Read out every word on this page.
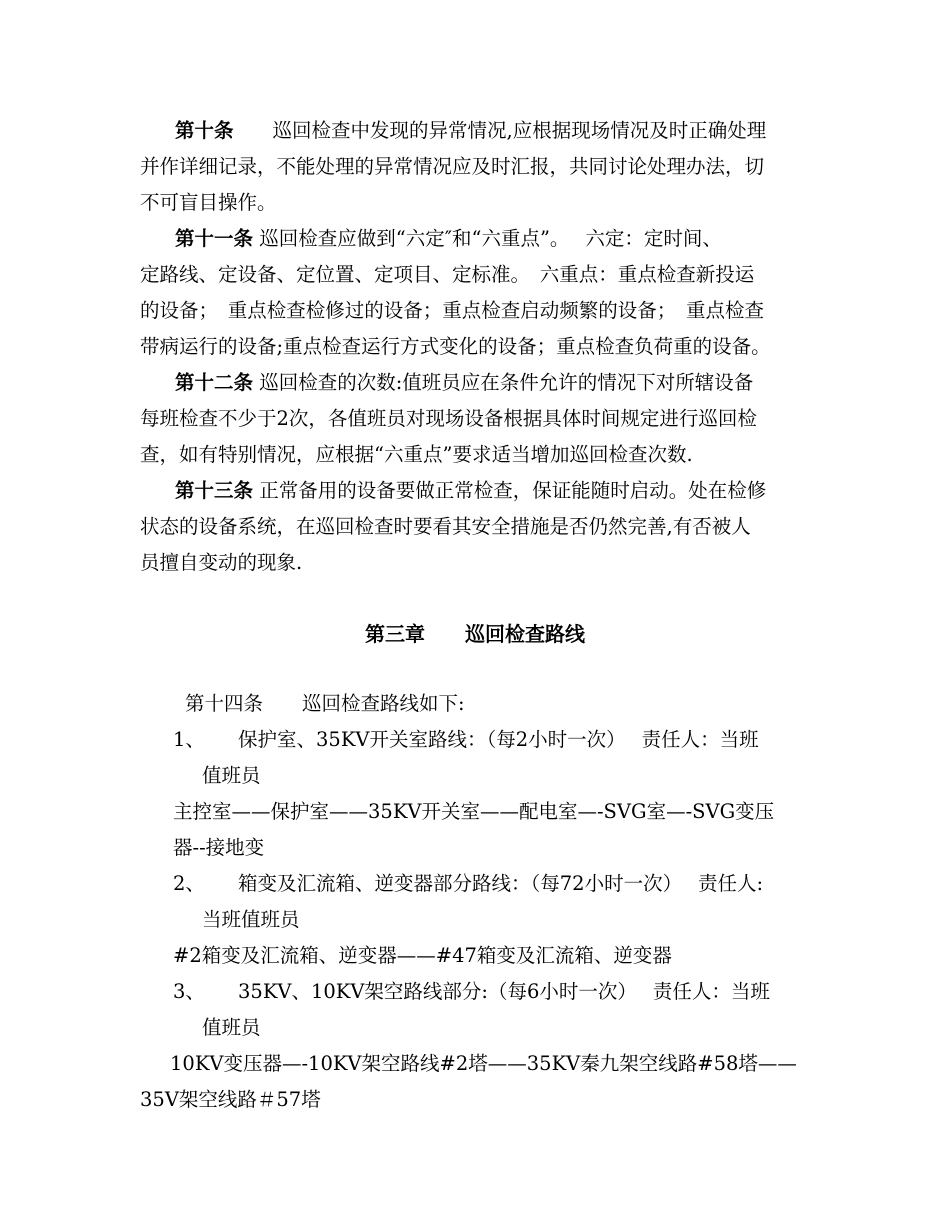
第十条　　 巡回检查中发现的异常情况,应根据现场情况及时正确处理
并作详细记录，不能处理的异常情况应及时汇报，共同讨论处理办法，切
不可盲目操作。
第十一条 巡回检查应做到“六定″和“六重点”。　 六定：定时间、
定路线、定设备、定位置、定项目、定标准。　六重点：重点检查新投运
的设备；　重点检查检修过的设备；重点检查启动频繁的设备；　重点检查
带病运行的设备;重点检查运行方式变化的设备；重点检查负荷重的设备。
第十二条 巡回检查的次数:值班员应在条件允许的情况下对所辖设备
每班检查不少于2次，各值班员对现场设备根据具体时间规定进行巡回检
查，如有特别情况，应根据“六重点”要求适当增加巡回检查次数.
第十三条 正常备用的设备要做正常检查，保证能随时启动。处在检修
状态的设备系统，在巡回检查时要看其安全措施是否仍然完善,有否被人
员擅自变动的现象.
第三章　　巡回检查路线
第十四条　　巡回检查路线如下:
1、 保护室、35KV开关室路线：（每2小时一次）　 责任人：当班
值班员
主控室——保护室——35KV开关室——配电室—-SVG室—-SVG变压
器--接地变
2、 箱变及汇流箱、逆变器部分路线：（每72小时一次）　 责任人:
当班值班员
#2箱变及汇流箱、逆变器——#47箱变及汇流箱、逆变器
3、 35KV、10KV架空路线部分:（每6小时一次）　 责任人：当班
值班员
10KV变压器—-10KV架空路线#2塔——35KV秦九架空线路#58塔——
35V架空线路＃57塔
